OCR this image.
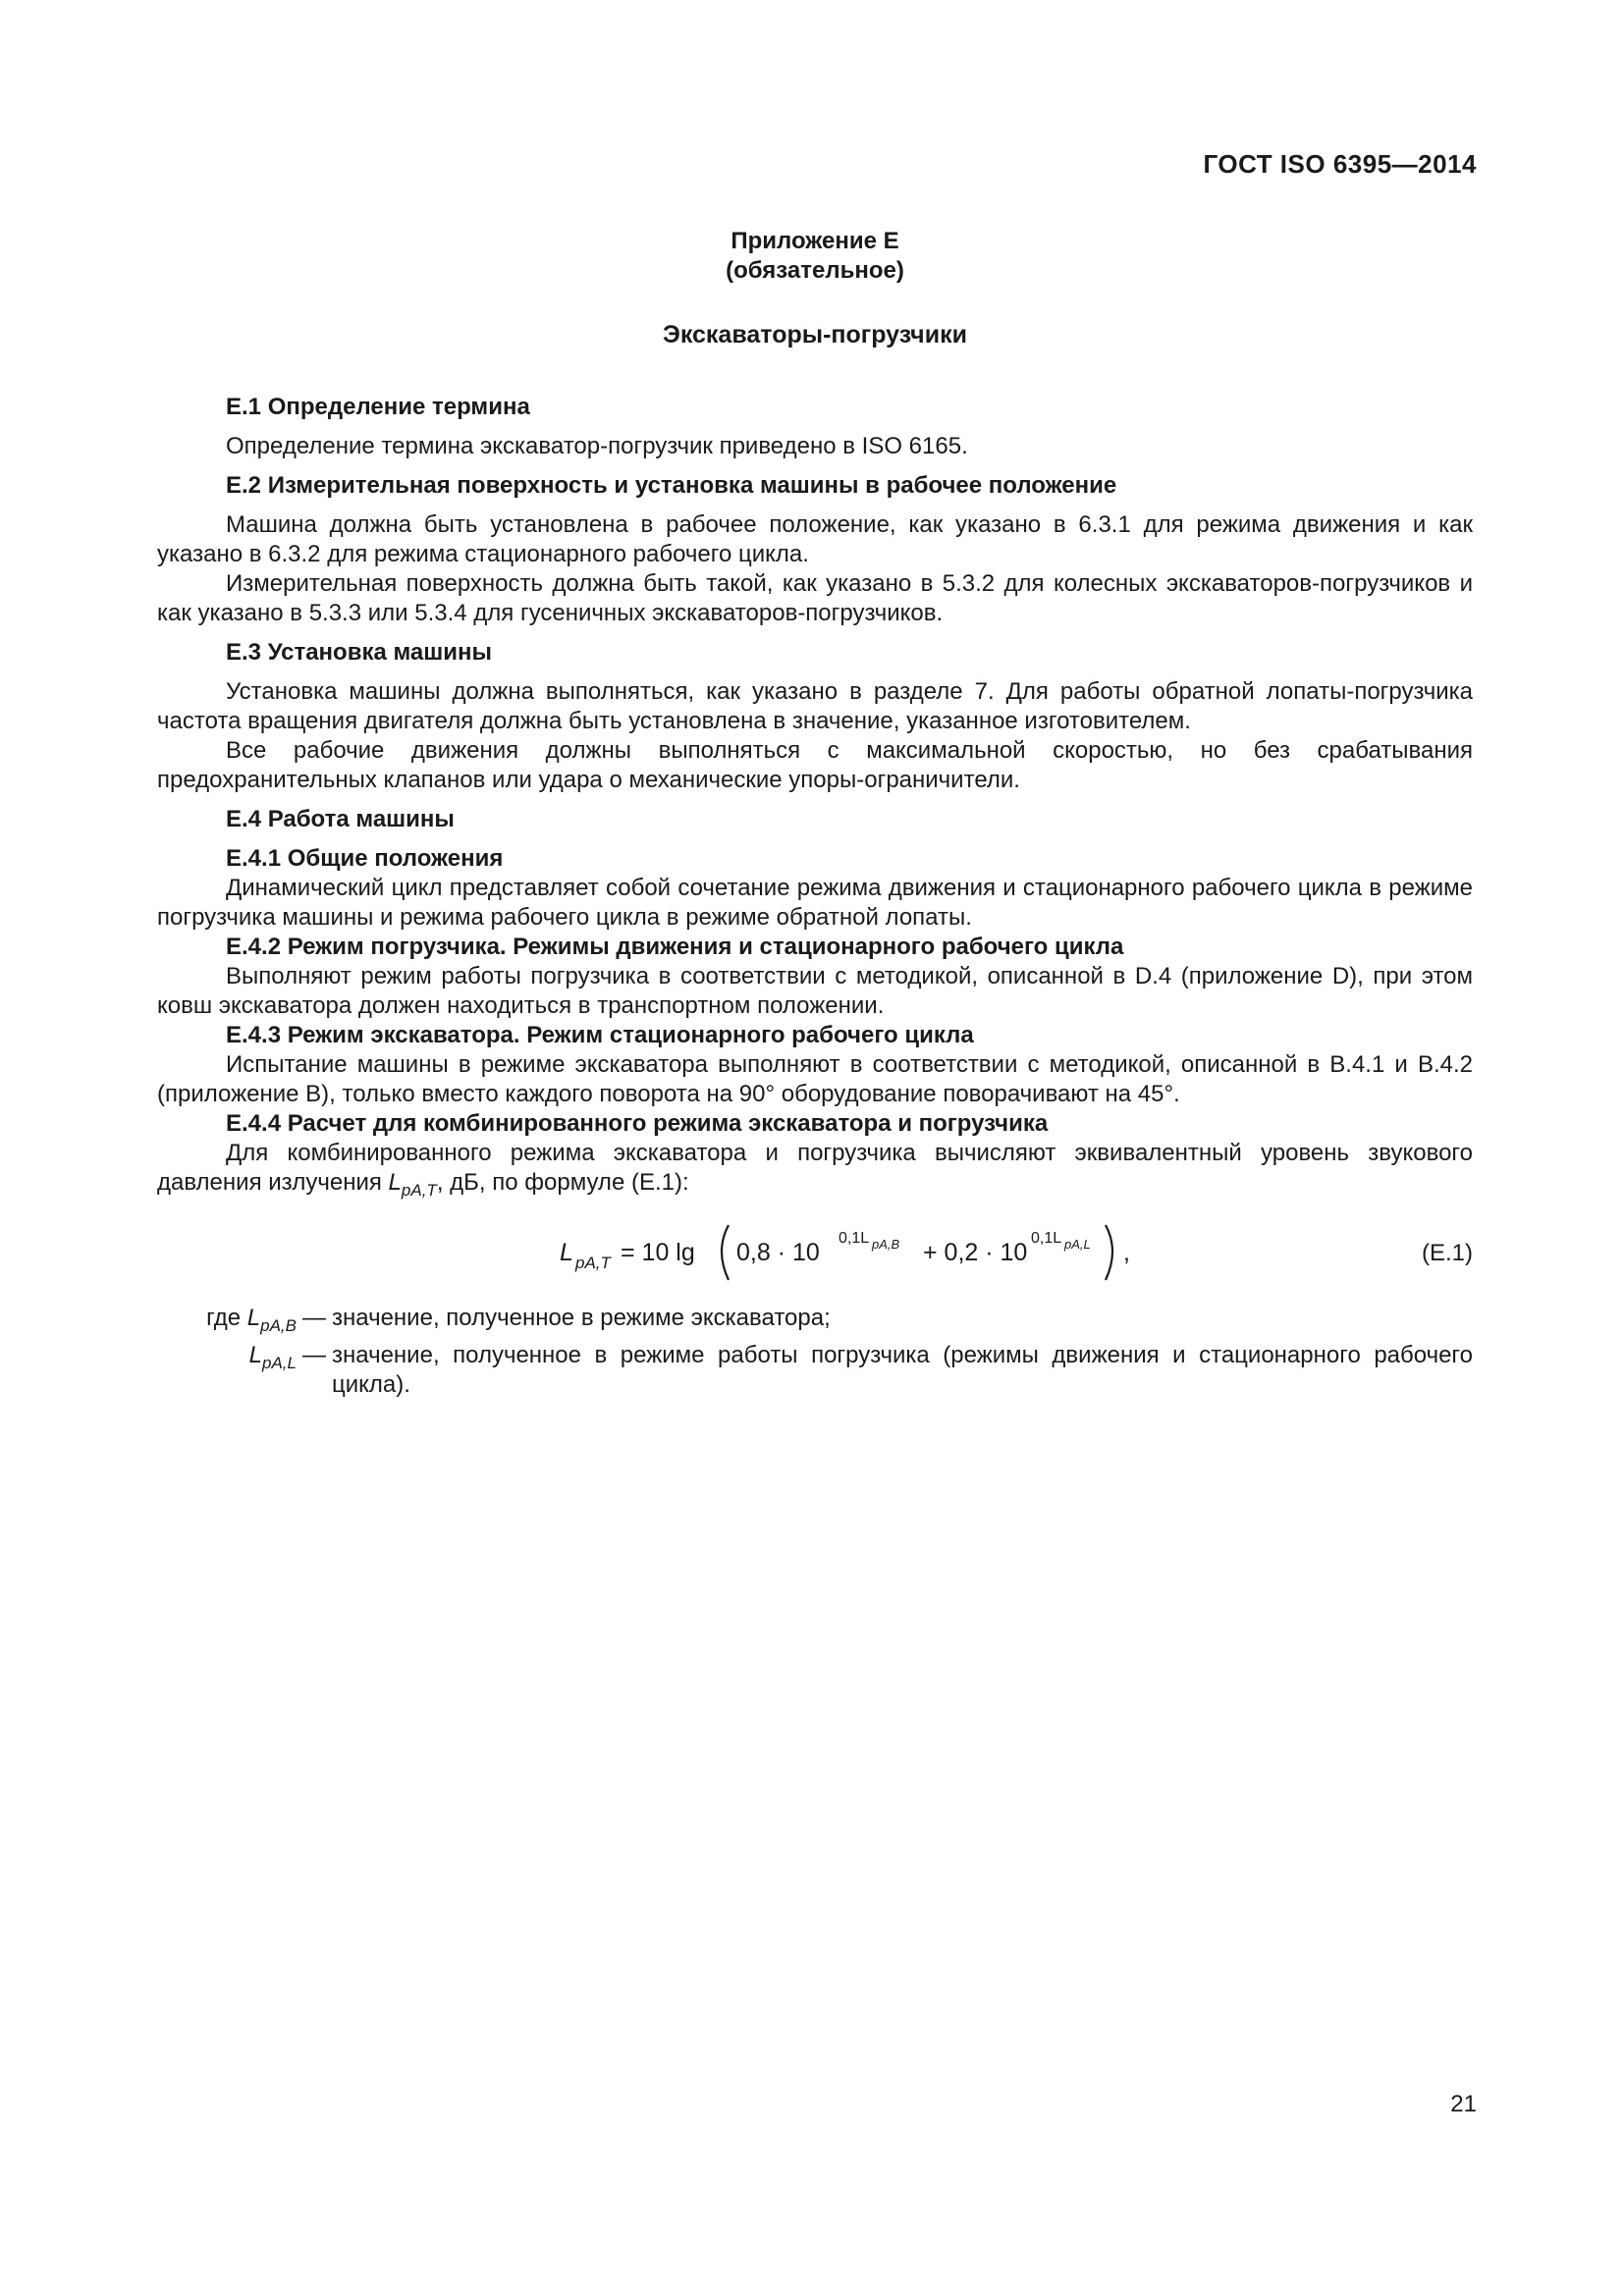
ГОСТ ISO 6395—2014
Приложение E
(обязательное)
Экскаваторы-погрузчики
E.1 Определение термина

Определение термина экскаватор-погрузчик приведено в ISO 6165.

E.2 Измерительная поверхность и установка машины в рабочее положение

Машина должна быть установлена в рабочее положение, как указано в 6.3.1 для режима движения и как указано в 6.3.2 для режима стационарного рабочего цикла.

Измерительная поверхность должна быть такой, как указано в 5.3.2 для колесных экскаваторов-погрузчиков и как указано в 5.3.3 или 5.3.4 для гусеничных экскаваторов-погрузчиков.

E.3 Установка машины

Установка машины должна выполняться, как указано в разделе 7. Для работы обратной лопаты-погрузчика частота вращения двигателя должна быть установлена в значение, указанное изготовителем.

Все рабочие движения должны выполняться с максимальной скоростью, но без срабатывания предохранительных клапанов или удара о механические упоры-ограничители.

E.4 Работа машины
E.4.1 Общие положения

Динамический цикл представляет собой сочетание режима движения и стационарного рабочего цикла в режиме погрузчика машины и режима рабочего цикла в режиме обратной лопаты.

E.4.2 Режим погрузчика. Режимы движения и стационарного рабочего цикла

Выполняют режим работы погрузчика в соответствии с методикой, описанной в D.4 (приложение D), при этом ковш экскаватора должен находиться в транспортном положении.

E.4.3 Режим экскаватора. Режим стационарного рабочего цикла

Испытание машины в режиме экскаватора выполняют в соответствии с методикой, описанной в B.4.1 и B.4.2 (приложение B), только вместо каждого поворота на 90° оборудование поворачивают на 45°.

E.4.4 Расчет для комбинированного режима экскаватора и погрузчика

Для комбинированного режима экскаватора и погрузчика вычисляют эквивалентный уровень звукового давления излучения $L_{pA,T}$, дБ, по формуле (E.1):

L pA,T = 10 lg 0,8 · 10
0,1L pA,B + 0,2 · 10
0,1L pA,L ,	(E.1)
где $L_{pA,B}$ — значение, полученное в режиме экскаватора;
$L_{pA,L}$ — значение, полученное в режиме работы погрузчика (режимы движения и стационарного рабочего цикла).
21
